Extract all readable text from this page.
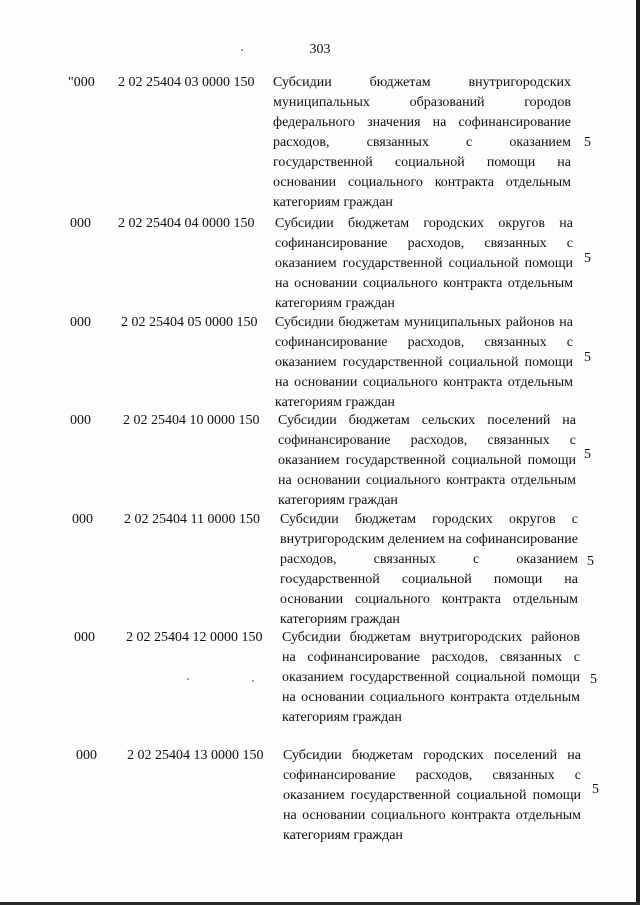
303
"000 2 02 25404 03 0000 150 Субсидии бюджетам внутригородских муниципальных образований городов федерального значения на софинансирование расходов, связанных с оказанием государственной социальной помощи на основании социального контракта отдельным категориям граждан
5
000 2 02 25404 04 0000 150 Субсидии бюджетам городских округов на софинансирование расходов, связанных с оказанием государственной социальной помощи на основании социального контракта отдельным категориям граждан
5
000 2 02 25404 05 0000 150 Субсидии бюджетам муниципальных районов на софинансирование расходов, связанных с оказанием государственной социальной помощи на основании социального контракта отдельным категориям граждан
5
000 2 02 25404 10 0000 150 Субсидии бюджетам сельских поселений на софинансирование расходов, связанных с оказанием государственной социальной помощи на основании социального контракта отдельным категориям граждан
5
000 2 02 25404 11 0000 150 Субсидии бюджетам городских округов с внутригородским делением на софинансирование расходов, связанных с оказанием государственной социальной помощи на основании социального контракта отдельным категориям граждан
5
000 2 02 25404 12 0000 150 Субсидии бюджетам внутригородских районов на софинансирование расходов, связанных с оказанием государственной социальной помощи на основании социального контракта отдельным категориям граждан
5
000 2 02 25404 13 0000 150 Субсидии бюджетам городских поселений на софинансирование расходов, связанных с оказанием государственной социальной помощи на основании социального контракта отдельным категориям граждан
5
